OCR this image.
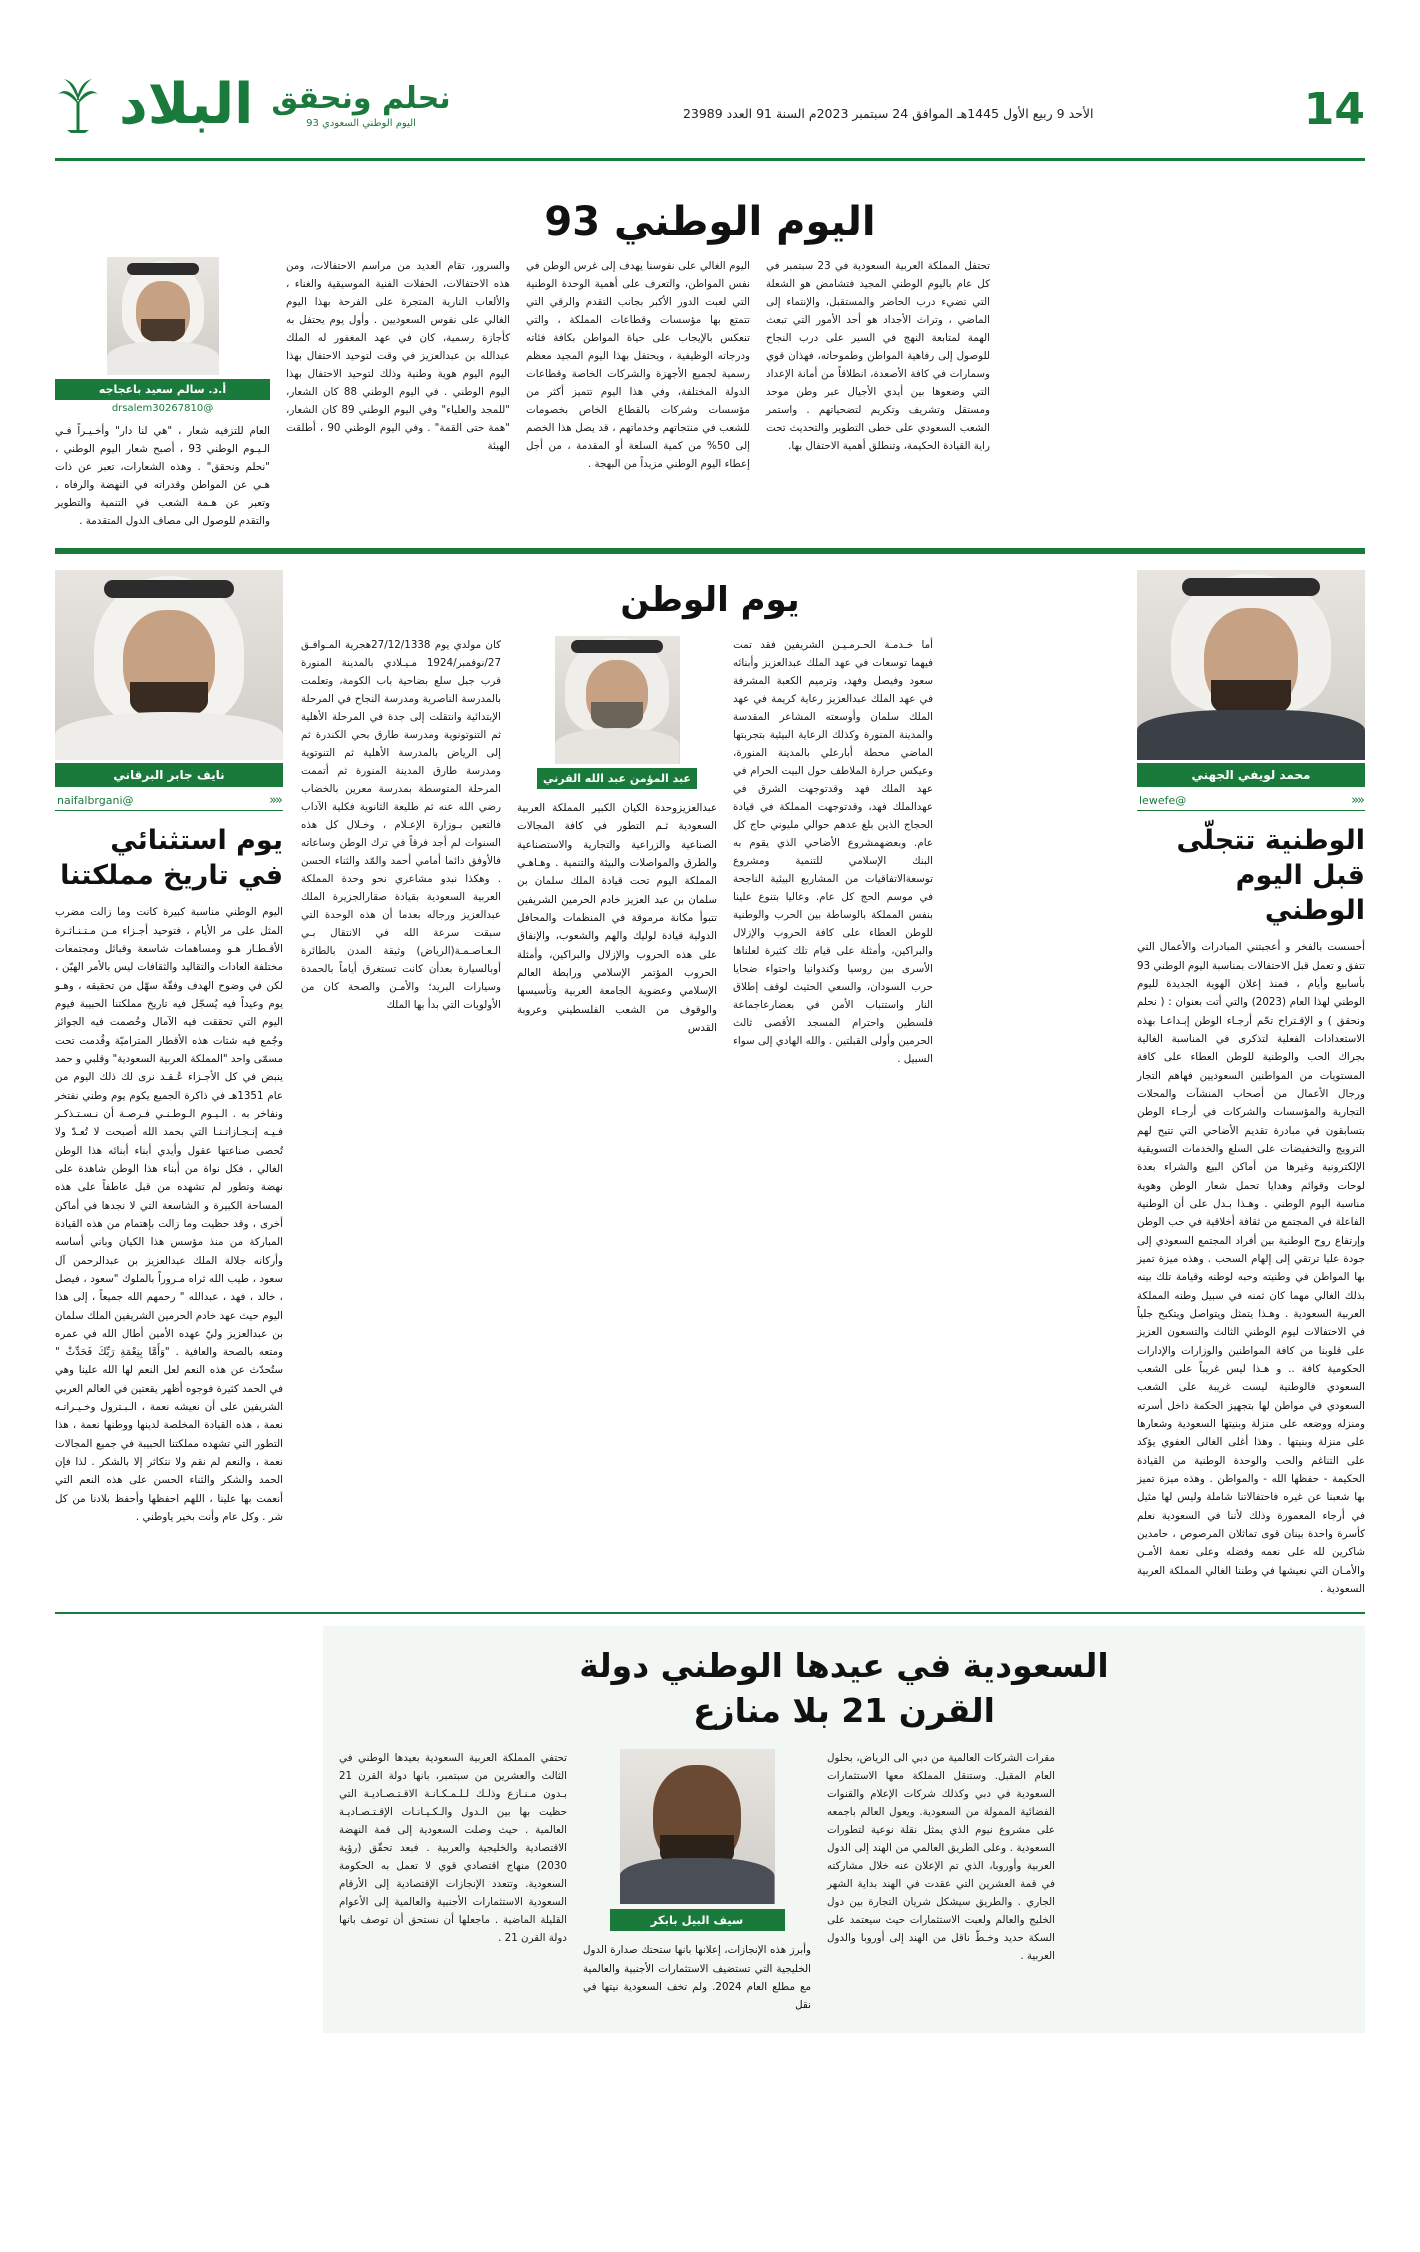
البلاد نحلم ونحقق
اليوم الوطني السعودي 93
الأحد 9 ربيع الأول 1445هـ الموافق 24 سبتمبر 2023م السنة 91 العدد 23989	14
اليوم الوطني 93
أ.د. سالم سعيد باعجاجه
@drsalem30267810
العام للتزفيه شعار ، "هي لنا دار" وأخـيـراً فـي الـيـوم الوطني 93 ، أصبح شعار اليوم الوطني ، "نحلم ونحقق" . وهذه الشعارات، تعبر عن ذات هـي عن المواطن وقدراته في النهضة والرفاه ، وتعبر عن هـمة الشعب في التنمية والتطوير والتقدم للوصول الى مصاف الدول المتقدمة .
والسرور، تقام العديد من مراسم الاحتفالات، ومن هذه الاحتفالات، الحفلات الفنية الموسيقية والغناء ، والألعاب النارية المتجرة على الفرحة بهذا اليوم الغالي على نفوس السعوديين . وأول يوم يحتفل به كأجازة رسمية، كان في عهد المغفور له الملك عبدالله بن عبدالعزيز في وقت لتوحيد الاحتفال بهذا اليوم اليوم هوية وطنية وذلك لتوحيد الاحتفال بهذا اليوم الوطني . في اليوم الوطني 88 كان الشعار، "للمجد والعلياء" وفي اليوم الوطني 89 كان الشعار، "همة حتى القمة" . وفي اليوم الوطني 90 ، أطلقت الهيئة
اليوم الغالي على نفوسنا يهدف إلى غرس الوطن في نفس المواطن، والتعرف على أهمية الوحدة الوطنية التي لعبت الدور الأكبر بجانب التقدم والرقي التي تتمتع بها مؤسسات وقطاعات المملكة ، والتي تنعكس بالإيجاب على حياة المواطن بكافة فئاته ودرجاته الوظيفية ، ويحتفل بهذا اليوم المجيد معظم رسمية لجميع الأجهزة والشركات الخاصة وقطاعات الدولة المختلفة، وفي هذا اليوم تتميز أكثر من مؤسسات وشركات بالقطاع الخاص بخصومات للشعب في منتجاتهم وخدماتهم ، قد يصل هذا الخصم إلى 50% من كمية السلعة أو المقدمة ، من أجل إعطاء اليوم الوطني مزيداً من البهجة .
تحتفل المملكة العربية السعودية في 23 سبتمبر في كل عام باليوم الوطني المجيد فتشامض هو الشعلة التي تضيء درب الحاضر والمستقبل، والإنتماء إلى الماضي ، وتراث الأجداد هو أحد الأمور التي تبعث الهمة لمتابعة النهج في السير على درب النجاح للوصول إلى رفاهية المواطن وطموحاته، فهذان قوي وسمارات في كافة الأصعدة، انطلاقاً من أمانة الإعداد التي وضعوها بين أيدي الأجيال عبر وطن موحد ومستقل وتشريف وتكريم لتضحياتهم . واستمر الشعب السعودي على خطى التطوير والتحديث تحت راية القيادة الحكيمة، وتنطلق أهمية الاحتفال بها.
نايف جابر البرقاني
@naifalbrgani	««
يوم استثنائي
في تاريخ مملكتنا
اليوم الوطني مناسبة كبيرة كانت وما زالت مضرب المثل على مر الأيام ، فتوحيد أجـزاء مـن مـتـنـاثـرة الأقـطـار هـو ومساهمات شاسعة وقبائل ومجتمعات مختلفة العادات والتقاليد والثقافات ليس بالأمر الهيّن ، لكن في وضوح الهدف وفقّة سهّل من تحقيقه ، وهـو يوم وعيداً فيه يُسجّل فيه تاريخ مملكتنا الحبيبة فيوم اليوم التي تحققت فيه الآمال وخُصمت فيه الجوائز وجُمع فيه شتات هذه الأقطار المتراميّة وقُدمت تحت مسمّى واحد "المملكة العربية السعودية" وقلبي و حمد ينبض في كل الأجـزاء عُـقـد نرى لك ذلك اليوم من عام 1351هـ في ذاكرة الجميع يكوم يوم وطني نفتخر ونفاخر به . الـيـوم الـوطـنـي فـرصـة أن نـسـتـذكـر فـيـه إنـجـازاتـنـا التي بحمد الله أصبحت لا تُعـدّ ولا تُحصى صناعتها عقول وأيدي أبناء أبنائه هذا الوطن الغالي ، فكل نواة من أبناء هذا الوطن شاهدة على نهضة وتطور لم تشهده من قبل عاطفاً على هذه المساحة الكبيرة و الشاسعة التي لا نجدها في أماكن أخرى ، وقد حظيت وما زالت بإهتمام من هذه القيادة المباركة من منذ مؤسس هذا الكيان وباني أساسه وأركانه جلالة الملك عبدالعزيز بن عبدالرحمن آل سعود ، طيب الله ثراه مـروراً بالملوك "سعود ، فيصل ، خالد ، فهد ، عبدالله " رحمهم الله جميعاً ، إلى هذا اليوم حيث عهد خادم الحرمين الشريفين الملك سلمان بن عبدالعزيز وليّ عهده الأمين أطال الله في عمره ومتعه بالصحة والعافية . "وَأَمَّا بِنِعْمَةِ رَبِّكَ فَحَدِّثْ " ستُحدّث عن هذه النعم لعل النعم لها الله علينا وهي في الحمد كثيرة فوجوه أظهر يقعتين في العالم العربي الشريفين على أن نعيشه نعمة ، الـبـترول وخـيـراتـه نعمة ، هذه القيادة المخلصة لدينها ووطنها نعمة ، هذا التطور التي تشهده مملكتنا الحبيبة في جميع المجالات نعمة ، والنعم لم نقم ولا نتكاثر إلا بالشكر . لذا فإن الحمد والشكر والثناء الحسن على هذه النعم التي أنعمت بها علينا ، اللهم احفظها وأحفظ بلادنا من كل شر . وكل عام وأنت بخير ياوطني .
يوم الوطن
كان مولدي يوم 27/12/1338هجرية المـوافـق 27/نوفمبر/1924 مـيـلادي بالمدينة المنورة قرب جبل سلع بضاحية باب الكومة، وتعلمت بالمدرسة الناصرية ومدرسة النجاح في المرحلة الإبتدائية وانتقلت إلى جدة في المرحلة الأهلية ثم التنوتونوية ومدرسة طارق بحي الكندرة ثم إلى الرياض بالمدرسة الأهلية ثم التنوتوية ومدرسة طارق المدينة المنورة ثم أتممت المرحلة المتوسطة بمدرسة معرين بالخضاب رضي الله عنه ثم طليعة الثانوية فكلية الآداب فالتعين بـوزارة الإعـلام ، وخـلال كل هذه السنوات لم أجد فرقاً في ترك الوطن وساعاته فالأوفق دائما أمامي أحمد والمّد والثناء الحسن . وهكذا نبدو مشاعري نحو وحدة المملكة العربية السعودية بقيادة صقارالجزيرة الملك عبدالعزيز ورجاله بعدما أن هذه الوحدة التي سبقت سرعة الله في الانتقال بـي الـعـاصـمـة(الرياض) وثيقة المدن بالطائرة أوبالسيارة بعدأن كانت تستغرق أياماً بالحمدة وسيارات البريد؛ والأمـن والصحة كان من الأولويات التي بدأ بها الملك
عبد المؤمن عبد الله القرني
عبدالعزيزوحدة الكيان الكبير المملكة العربية السعودية ثـم التطور في كافة المجالات الصناعية والزراعية والتجارية والاستصناعية والطرق والمواصلات والبيئة والتنمية . وهـاهـي المملكة اليوم تحت قيادة الملك سلمان بن سلمان بن عبد العزيز خادم الحرمين الشريفين تتبوأ مكانة مرموقة في المنظمات والمحافل الدولية قيادة لوليك والهم والشعوب، والإنفاق على هذه الحروب والإزلال والبراكين، وأمثلة الحروب المؤتمر الإسلامي ورابطة العالم الإسلامي وعضوية الجامعة العربية وتأسيسها والوقوف من الشعب الفلسطيني وعروبة القدس
أما خـدمـة الحـرمـيـن الشريفين فقد تمت فيهما توسعات في عهد الملك عبدالعزيز وأبنائه سعود وفيصل وفهد، وترميم الكعبة المشرفة في عهد الملك عبدالعزيز رعاية كريمة في عهد الملك سلمان وأوسعته المشاعر المقدسة والمدينة المنورة وكذلك الرعاية البيئية بتجربتها الماضي محطة أبارعلي بالمدينة المنورة، وعيكس حرارة الملاطف حول البيت الحرام في عهد الملك فهد وقدتوجهت الشرق في عهدالملك فهد، وقدتوجهت المملكة في قيادة الحجاج الذين بلغ عدهم حوالي مليوني حاج كل عام. وبعضهمشروع الأضاحي الذي يقوم به البنك الإسلامي للتنمية ومشروع توسعةالاتفاقيات من المشاريع البيئية الناجحة في موسم الحج كل عام. وعاليا بتنوع علينا بنفس المملكة بالوساطة بين الحرب والوطنية للوطن العطاء على كافة الحروب والإزلال والبراكين، وأمثلة على قيام تلك كثيرة لعلناها الأسرى بين روسيا وكندوانيا واحتواء ضحايا حرب السودان، والسعي الحثيث لوقف إطلاق النار واستتباب الأمن في بعضارعاجماعة فلسطين واحترام المسجد الأقصى ثالث الحرمين وأولى القبلتين . والله الهادي إلى سواء السبيل .
محمد لويفي الجهني
@lewefe	««
الوطنية تتجلّى
قبل اليوم الوطني
أحسست بالفخر و أعجبتني المبادرات والأعمال التي تتفق و تعمل قبل الاحتفالات بمناسبة اليوم الوطني 93 بأسابيع وأيام ، فمنذ إعلان الهوية الجديدة لليوم الوطني لهذا العام (2023) والتي أتت بعنوان : ( نحلم ونحقق ) و الإقـتراح تحّم أرجـاء الوطن إبـداعـا بهذه الاستعدادات الفعلية لتذكرى في المناسبة الغالية بجراك الحب والوطنية للوطن العطاء على كافة المستويات من المواطنين السعوديين فهاهم التجار ورجال الأعمال من أصحاب المنشآت والمحلات التجارية والمؤسسات والشركات في أرجـاء الوطن بتسابقون في مبادرة تقديم الأضاحي التي تتيح لهم الترويج والتخفيضات على السلع والخدمات التسويقية الإلكترونية وغيرها من أماكن البيع والشراء بعدة لوحات وقوائم وهدايا تحمل شعار الوطن وهوية مناسبة اليوم الوطني . وهـذا بـدل على أن الوطنية الفاعلة في المجتمع من ثقافة أخلاقية في حب الوطن وإرتفاع روح الوطنية بين أفراد المجتمع السعودي إلى جودة عليا ترتقي إلى إلهام السحب . وهذه ميزة تميز بها المواطن في وطنيته وحبه لوطنه وقيامة تلك بينه بذلك الغالي مهما كان ثمنه في سبيل وطنه المملكة العربية السعودية . وهـذا يتمثل ويتواصل ويتكبح جلياً في الاحتفالات ليوم الوطني الثالث والتسعون العزيز على قلوبنا من كافة المواطنين والوزارات والإدارات الحكومية كافة .. و هـذا ليس غريباً على الشعب السعودي فالوطنية ليست غريبة على الشعب السعودي في مواطن لها بتجهيز الحكمة داخل أسرته ومنزله ووضعه على منزلة وبنيتها السعودية وشعارها على منزلة وبنيتها . وهذا أغلى الغالى العفوي يؤكد على التناغم والحب والوحدة الوطنية من القيادة الحكيمة - حفظها الله - والمواطن . وهذه ميزة تميز بها شعبنا عن غيره فاحتفالاتنا شاملة وليس لها مثيل في أرجاء المعمورة وذلك لأننا في السعودية نعلم كأسرة واحدة بينان قوى تماثلان المرصوص ، حامدين شاكرين لله على نعمه وفضله وعلى نعمة الأمـن والأمـان التي نعيشها في وطننا الغالي المملكة العربية السعودية .
السعودية في عيدها الوطني دولة
القرن 21 بلا منازع
تحتفي المملكة العربية السعودية بعيدها الوطني في الثالث والعشرين من سبتمبر، بانها دولة القرن 21 بـدون مـنـازع وذلـك لـلـمـكـانـة الاقـتـصـاديـة التي حظيت بها بين الـدول والـكـيـانـات الإقـتـصـاديـة العالمية . حيث وصلت السعودية إلى قمة النهضة الاقتصادية والخليجية والعربية . فبعد تحقّق (رؤية 2030) منهاج اقتصادي قوي لا تعمل به الحكومة السعودية. وتتعدد الإنجازات الإقتصادية إلى الأرقام السعودية الاستثمارات الأجنبية والعالمية إلى الأعوام القليلة الماضية . ماجعلها أن نستحق أن توصف بانها دولة القرن 21 .
سيف البيل بابكر
وأبرز هذه الإنجازات، إعلانها بانها ستحتك صدارة الدول الخليجية التي تستضيف الاستثمارات الأجنبية والعالمية مع مطلع العام 2024. ولم تخف السعودية نيتها في نقل
مقرات الشركات العالمية من دبي الى الرياض، بحلول العام المقبل. وستنقل المملكة معها الاستثمارات السعودية في دبي وكذلك شركات الإعلام والقنوات الفضائية الممولة من السعودية. ويعول العالم باجمعه على مشروع نيوم الذي يمثل نقلة نوعية لتطورات السعودية . وعلى الطريق العالمي من الهند إلى الدول العربية وأوروبا، الذي تم الإعلان عنه خلال مشاركته في قمة العشرين التي عقدت في الهند بداية الشهر الجاري . والطريق سيشكل شريان التجارة بين دول الخليج والعالم ولعبت الاستثمارات حيث سيعتمد على السكة حديد وخـطّ ناقل من الهند إلى أوروبا والدول العربية .
